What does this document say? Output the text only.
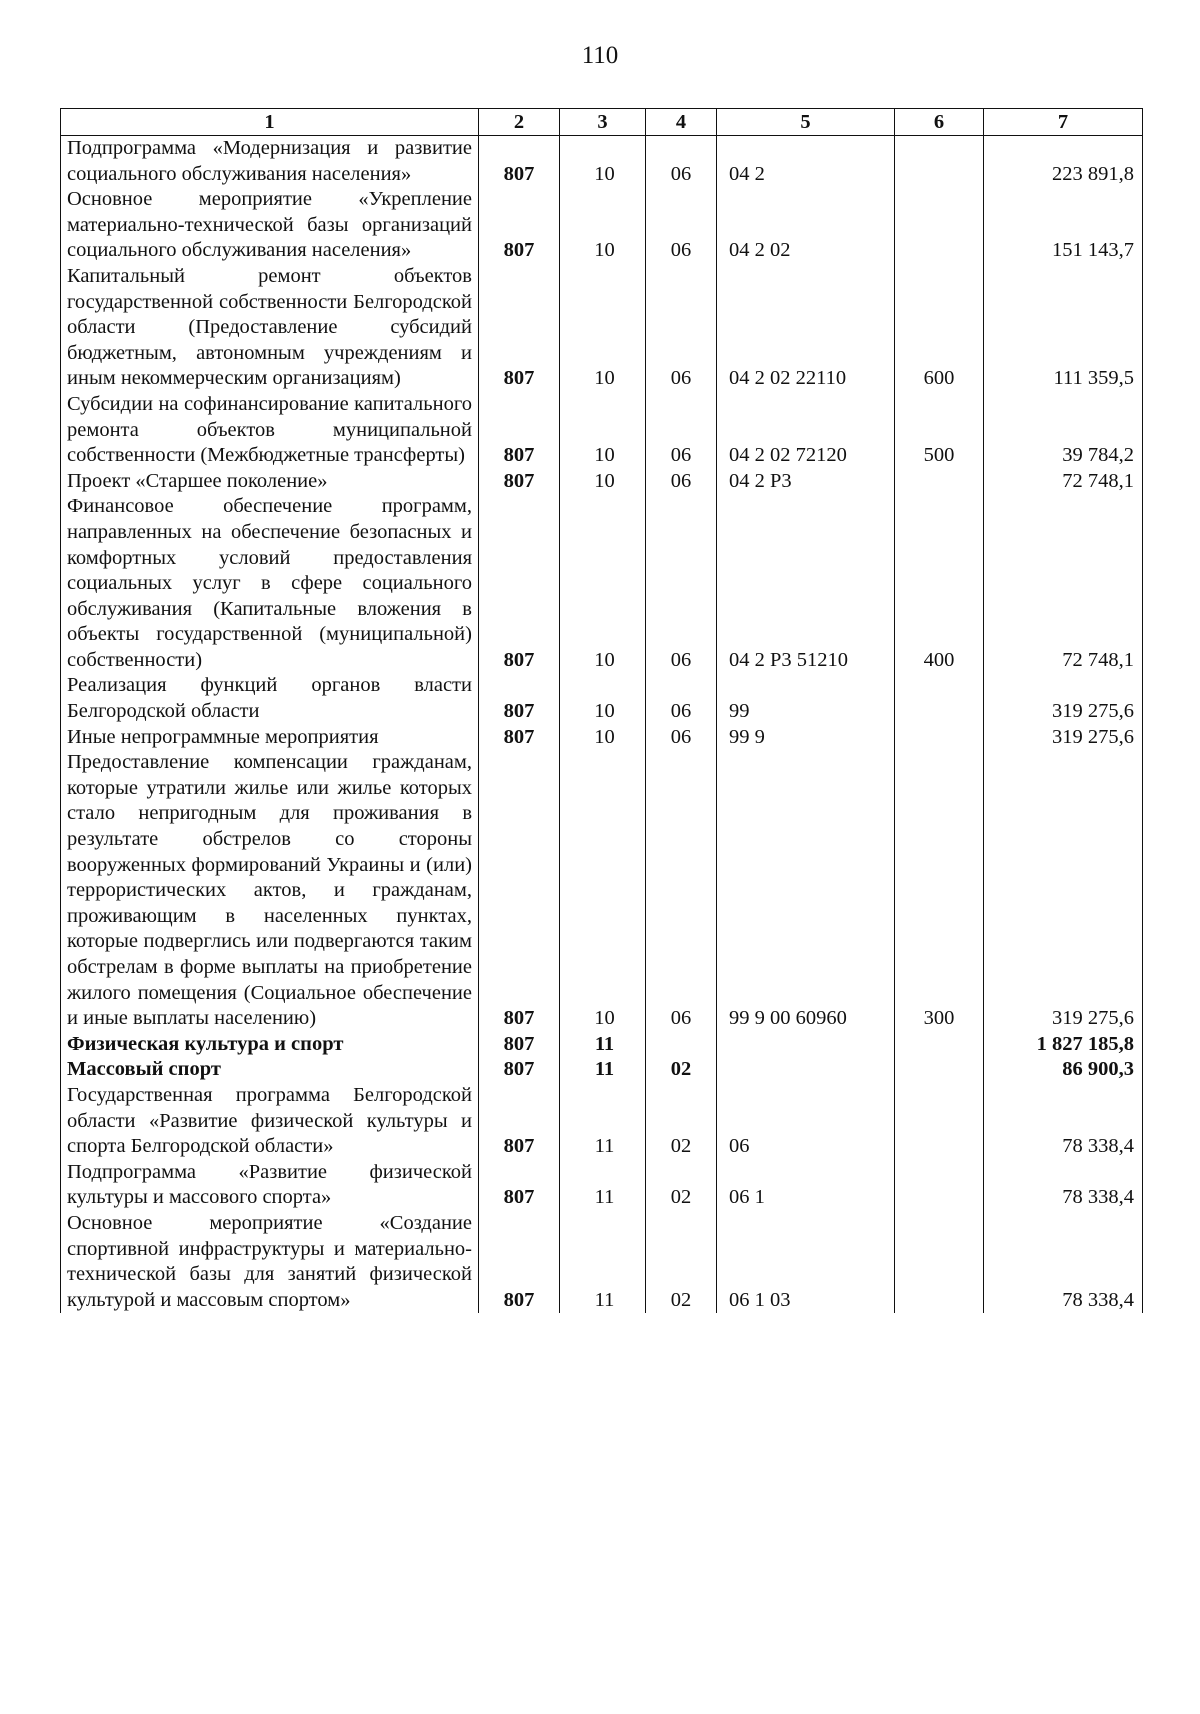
110
1	2	3	4	5	6	7
Подпрограмма «Модернизация и развитие социального обслуживания населения»	807	10	06	04 2		223 891,8
Основное мероприятие «Укрепление материально-технической базы организаций социального обслуживания населения»	807	10	06	04 2 02		151 143,7
Капитальный ремонт объектов государственной собственности Белгородской области (Предоставление субсидий бюджетным, автономным учреждениям и иным некоммерческим организациям)	807	10	06	04 2 02 22110	600	111 359,5
Субсидии на софинансирование капитального ремонта объектов муниципальной собственности (Межбюджетные трансферты)	807	10	06	04 2 02 72120	500	39 784,2
Проект «Старшее поколение»	807	10	06	04 2 P3		72 748,1
Финансовое обеспечение программ, направленных на обеспечение безопасных и комфортных условий предоставления социальных услуг в сфере социального обслуживания (Капитальные вложения в объекты государственной (муниципальной) собственности)	807	10	06	04 2 P3 51210	400	72 748,1
Реализация функций органов власти Белгородской области	807	10	06	99		319 275,6
Иные непрограммные мероприятия	807	10	06	99 9		319 275,6
Предоставление компенсации гражданам, которые утратили жилье или жилье которых стало непригодным для проживания в результате обстрелов со стороны вооруженных формирований Украины и (или) террористических актов, и гражданам, проживающим в населенных пунктах, которые подверглись или подвергаются таким обстрелам в форме выплаты на приобретение жилого помещения (Социальное обеспечение и иные выплаты населению)	807	10	06	99 9 00 60960	300	319 275,6
Физическая культура и спорт	807	11				1 827 185,8
Массовый спорт	807	11	02			86 900,3
Государственная программа Белгородской области «Развитие физической культуры и спорта Белгородской области»	807	11	02	06		78 338,4
Подпрограмма «Развитие физической культуры и массового спорта»	807	11	02	06 1		78 338,4
Основное мероприятие «Создание спортивной инфраструктуры и материально-технической базы для занятий физической культурой и массовым спортом»	807	11	02	06 1 03		78 338,4
